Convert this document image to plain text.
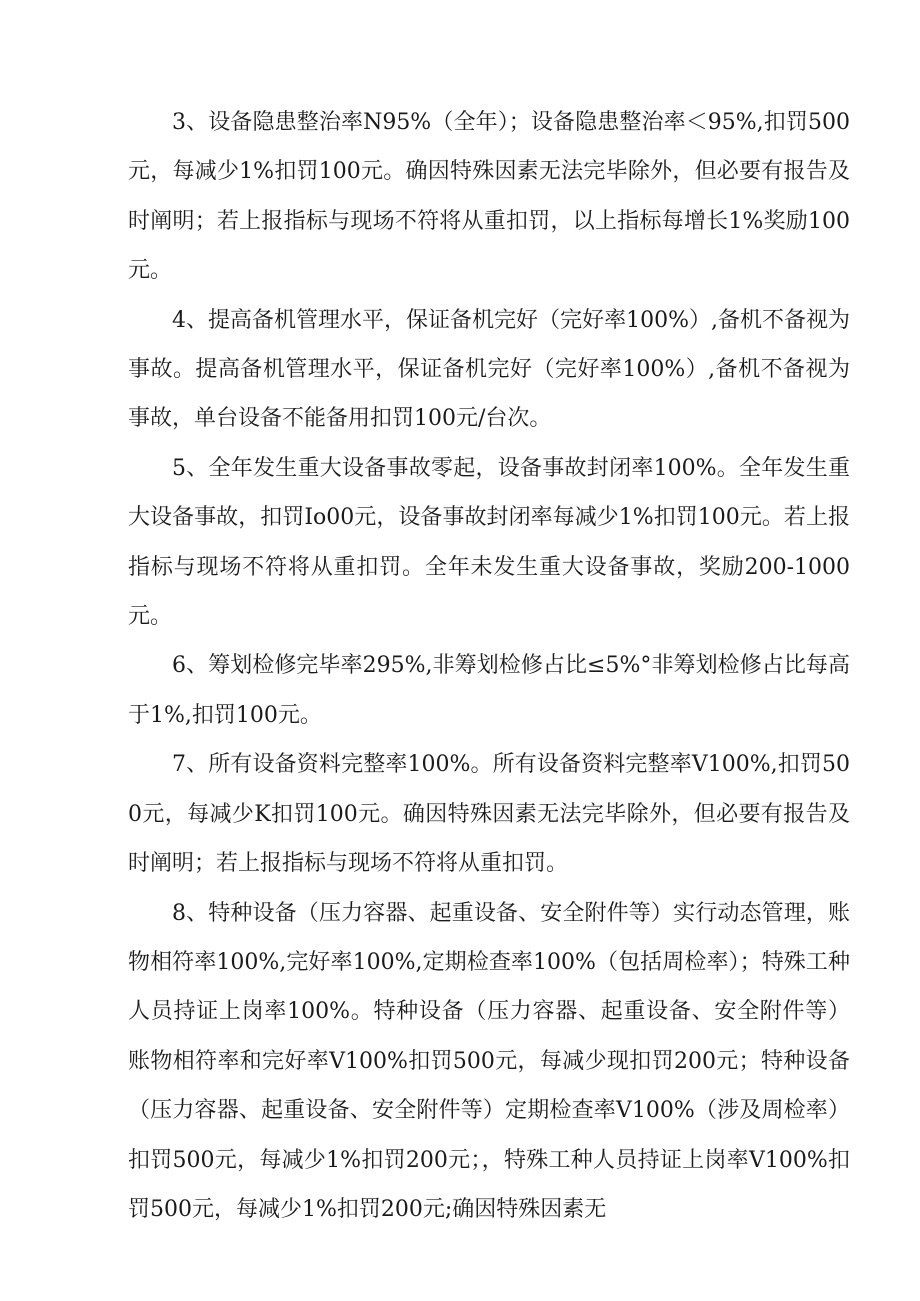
3、设备隐患整治率N95%（全年）；设备隐患整治率＜95%,扣罚500元，每减少1%扣罚100元。确因特殊因素无法完毕除外，但必要有报告及时阐明；若上报指标与现场不符将从重扣罚，以上指标每增长1%奖励100元。

4、提高备机管理水平，保证备机完好（完好率100%）,备机不备视为事故。提高备机管理水平，保证备机完好（完好率100%）,备机不备视为事故，单台设备不能备用扣罚100元/台次。

5、全年发生重大设备事故零起，设备事故封闭率100%。全年发生重大设备事故，扣罚Io00元，设备事故封闭率每减少1%扣罚100元。若上报指标与现场不符将从重扣罚。全年未发生重大设备事故，奖励200-1000元。

6、筹划检修完毕率295%,非筹划检修占比≤5%°非筹划检修占比每高于1%,扣罚100元。

7、所有设备资料完整率100%。所有设备资料完整率V100%,扣罚500元，每减少K扣罚100元。确因特殊因素无法完毕除外，但必要有报告及时阐明；若上报指标与现场不符将从重扣罚。

8、特种设备（压力容器、起重设备、安全附件等）实行动态管理，账物相符率100%,完好率100%,定期检查率100%（包括周检率）；特殊工种人员持证上岗率100%。特种设备（压力容器、起重设备、安全附件等）账物相符率和完好率V100%扣罚500元，每减少现扣罚200元；特种设备（压力容器、起重设备、安全附件等）定期检查率V100%（涉及周检率）扣罚500元，每减少1%扣罚200元；，特殊工种人员持证上岗率V100%扣罚500元，每减少1%扣罚200元;确因特殊因素无
